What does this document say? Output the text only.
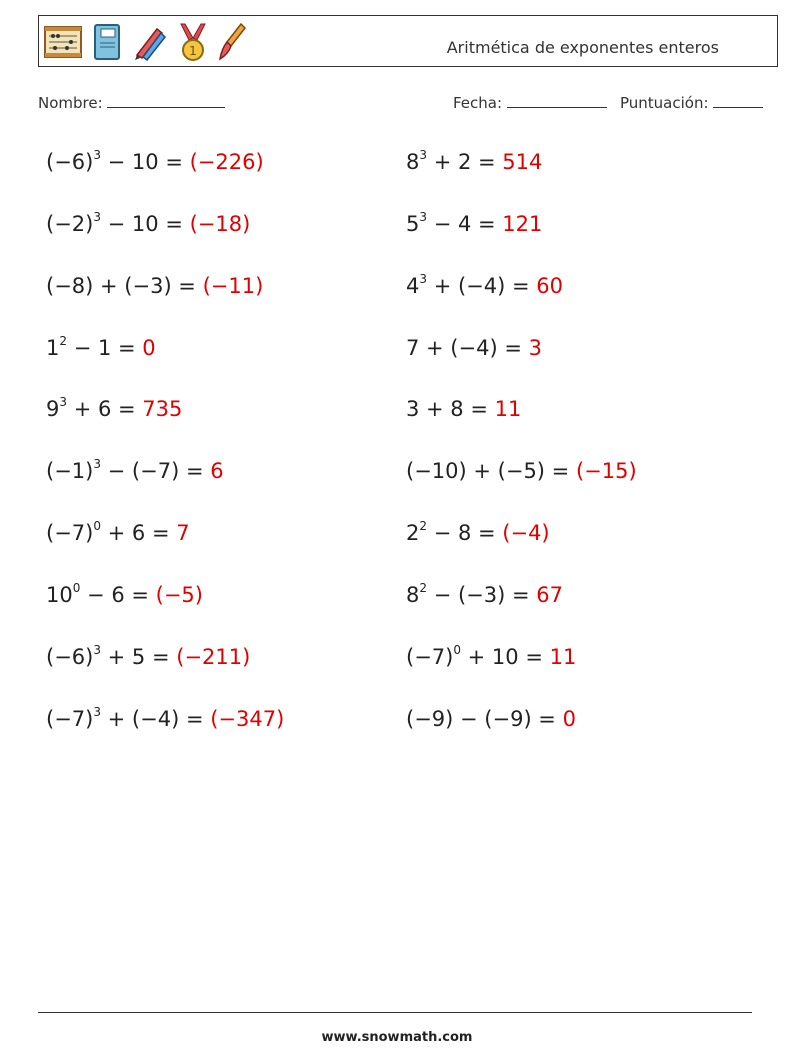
1	Aritmética de exponentes enteros
Nombre:	Fecha:	Puntuación:
$(-6)^3 - 10 = (-226)$
$(-2)^3 - 10 = (-18)$
(−8) + (−3) = (−11)
$1^2 - 1 = 0$
$9^3 + 6 = 735$
$(-1)^3 - (-7) = 6$
$(-7)^0 + 6 = 7$
$10^0 - 6 = (-5)$
$(-6)^3 + 5 = (-211)$
$(-7)^3 + (-4) = (-347)$
$8^3 + 2 = 514$
$5^3 - 4 = 121$
$4^3 + (-4) = 60$
7 + (−4) = 3
3 + 8 = 11
(−10) + (−5) = (−15)
$2^2 - 8 = (-4)$
$8^2 - (-3) = 67$
$(-7)^0 + 10 = 11$
(−9) − (−9) = 0
www.snowmath.com
